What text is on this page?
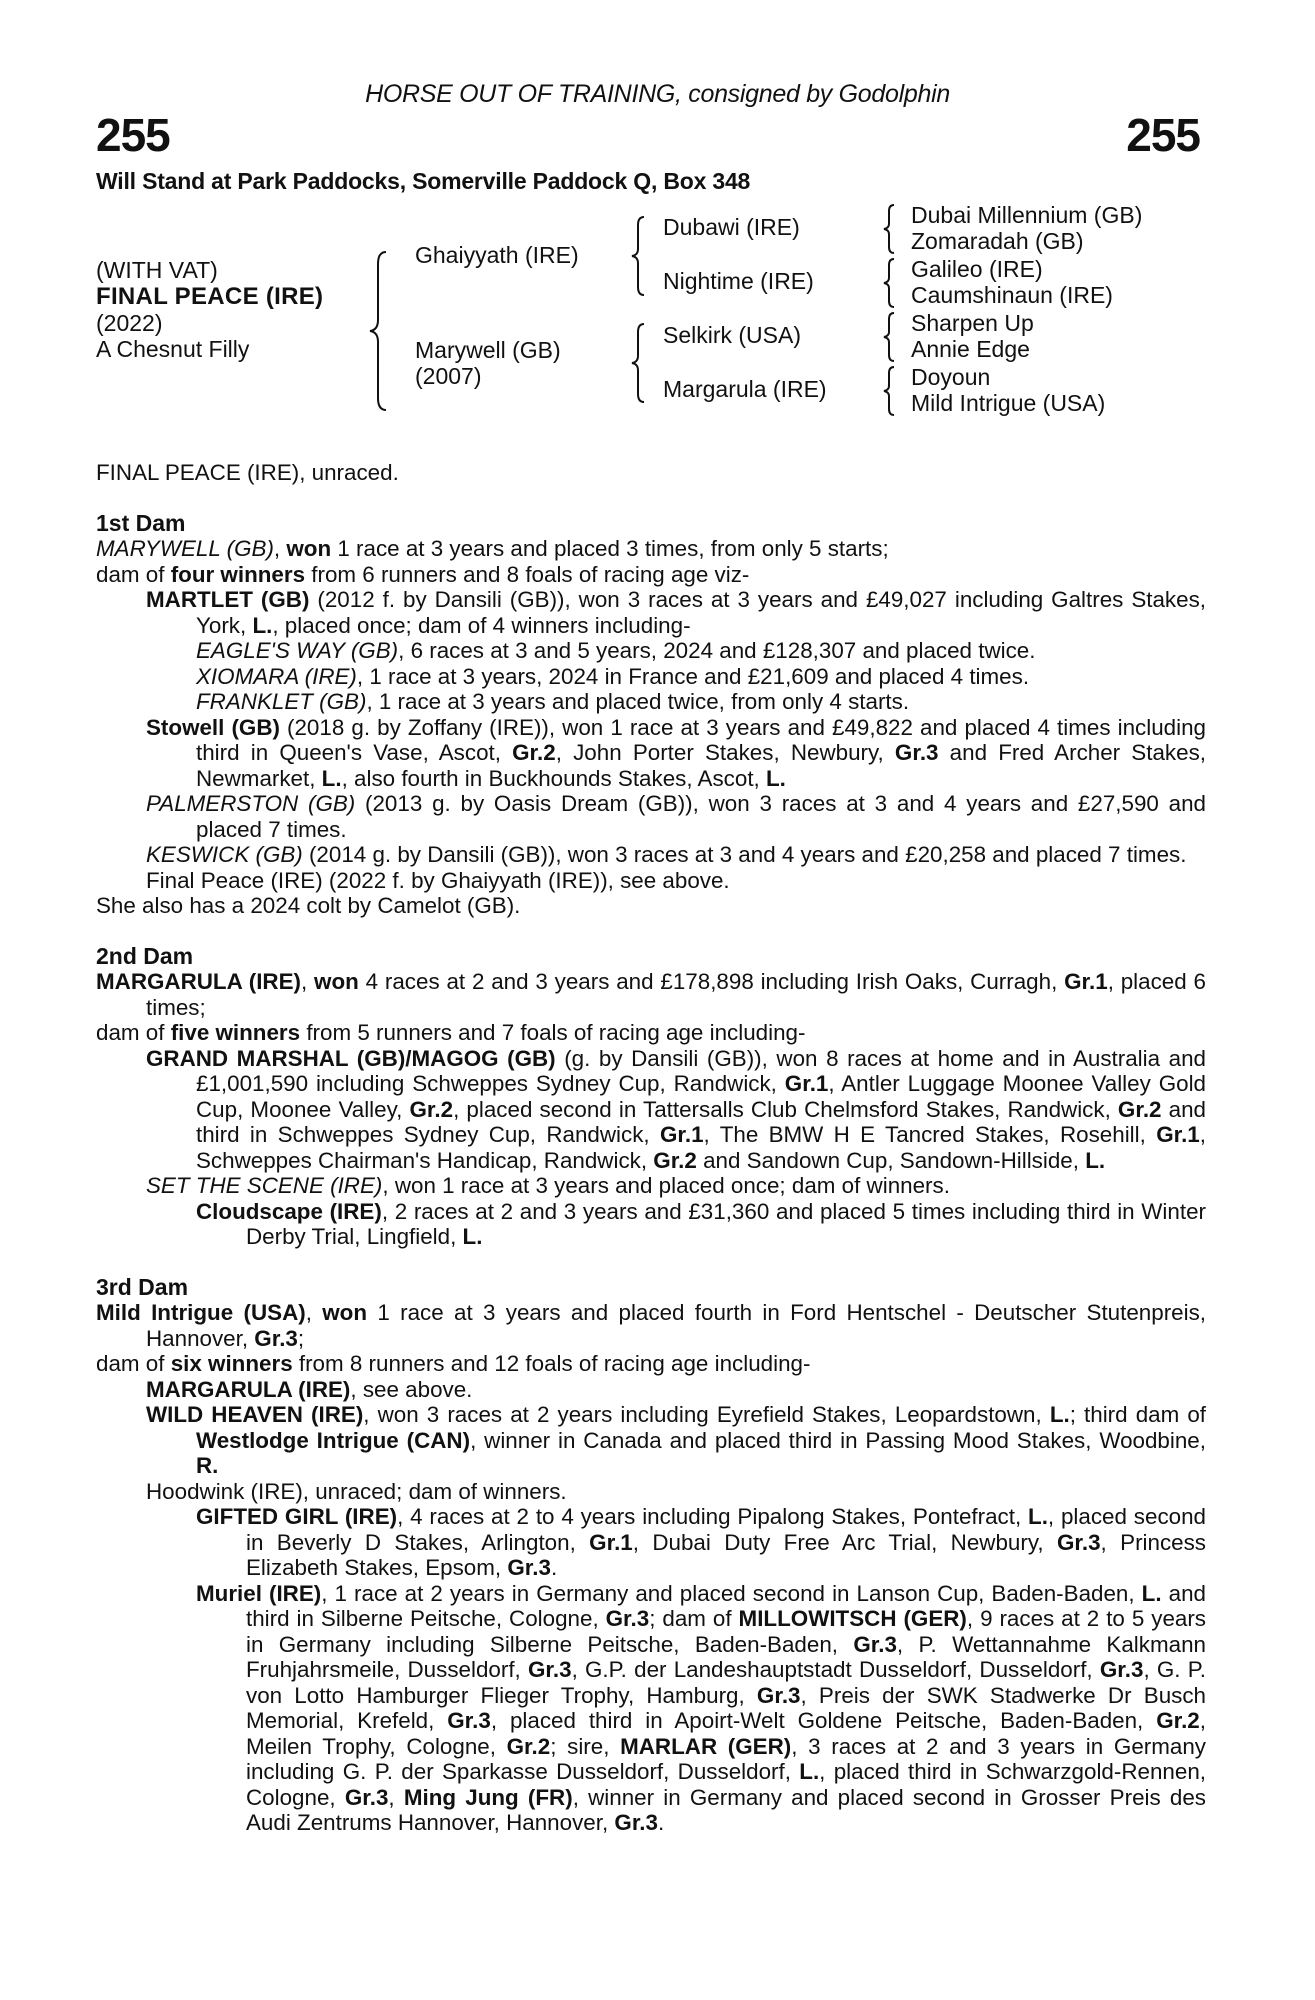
HORSE OUT OF TRAINING, consigned by Godolphin
255	255
Will Stand at Park Paddocks, Somerville Paddock Q, Box 348
(WITH VAT)
FINAL PEACE (IRE)
(2022)
A Chesnut Filly
Ghaiyyath (IRE)
Marywell (GB)
(2007)
Dubawi (IRE)
Nightime (IRE)
Selkirk (USA)
Margarula (IRE)
Dubai Millennium (GB)
Zomaradah (GB)
Galileo (IRE)
Caumshinaun (IRE)
Sharpen Up
Annie Edge
Doyoun
Mild Intrigue (USA)

FINAL PEACE (IRE), unraced.

1st Dam

MARYWELL (GB), won 1 race at 3 years and placed 3 times, from only 5 starts;

dam of four winners from 6 runners and 8 foals of racing age viz-

MARTLET (GB) (2012 f. by Dansili (GB)), won 3 races at 3 years and £49,027 including Galtres Stakes, York, L., placed once; dam of 4 winners including-

EAGLE'S WAY (GB), 6 races at 3 and 5 years, 2024 and £128,307 and placed twice.

XIOMARA (IRE), 1 race at 3 years, 2024 in France and £21,609 and placed 4 times.

FRANKLET (GB), 1 race at 3 years and placed twice, from only 4 starts.

Stowell (GB) (2018 g. by Zoffany (IRE)), won 1 race at 3 years and £49,822 and placed 4 times including third in Queen's Vase, Ascot, Gr.2, John Porter Stakes, Newbury, Gr.3 and Fred Archer Stakes, Newmarket, L., also fourth in Buckhounds Stakes, Ascot, L.

PALMERSTON (GB) (2013 g. by Oasis Dream (GB)), won 3 races at 3 and 4 years and £27,590 and placed 7 times.

KESWICK (GB) (2014 g. by Dansili (GB)), won 3 races at 3 and 4 years and £20,258 and placed 7 times.

Final Peace (IRE) (2022 f. by Ghaiyyath (IRE)), see above.

She also has a 2024 colt by Camelot (GB).

2nd Dam

MARGARULA (IRE), won 4 races at 2 and 3 years and £178,898 including Irish Oaks, Curragh, Gr.1, placed 6 times;

dam of five winners from 5 runners and 7 foals of racing age including-

GRAND MARSHAL (GB)/MAGOG (GB) (g. by Dansili (GB)), won 8 races at home and in Australia and £1,001,590 including Schweppes Sydney Cup, Randwick, Gr.1, Antler Luggage Moonee Valley Gold Cup, Moonee Valley, Gr.2, placed second in Tattersalls Club Chelmsford Stakes, Randwick, Gr.2 and third in Schweppes Sydney Cup, Randwick, Gr.1, The BMW H E Tancred Stakes, Rosehill, Gr.1, Schweppes Chairman's Handicap, Randwick, Gr.2 and Sandown Cup, Sandown-Hillside, L.

SET THE SCENE (IRE), won 1 race at 3 years and placed once; dam of winners.

Cloudscape (IRE), 2 races at 2 and 3 years and £31,360 and placed 5 times including third in Winter Derby Trial, Lingfield, L.

3rd Dam

Mild Intrigue (USA), won 1 race at 3 years and placed fourth in Ford Hentschel - Deutscher Stutenpreis, Hannover, Gr.3;

dam of six winners from 8 runners and 12 foals of racing age including-

MARGARULA (IRE), see above.

WILD HEAVEN (IRE), won 3 races at 2 years including Eyrefield Stakes, Leopardstown, L.; third dam of Westlodge Intrigue (CAN), winner in Canada and placed third in Passing Mood Stakes, Woodbine, R.

Hoodwink (IRE), unraced; dam of winners.

GIFTED GIRL (IRE), 4 races at 2 to 4 years including Pipalong Stakes, Pontefract, L., placed second in Beverly D Stakes, Arlington, Gr.1, Dubai Duty Free Arc Trial, Newbury, Gr.3, Princess Elizabeth Stakes, Epsom, Gr.3.

Muriel (IRE), 1 race at 2 years in Germany and placed second in Lanson Cup, Baden-Baden, L. and third in Silberne Peitsche, Cologne, Gr.3; dam of MILLOWITSCH (GER), 9 races at 2 to 5 years in Germany including Silberne Peitsche, Baden-Baden, Gr.3, P. Wettannahme Kalkmann Fruhjahrsmeile, Dusseldorf, Gr.3, G.P. der Landeshauptstadt Dusseldorf, Dusseldorf, Gr.3, G. P. von Lotto Hamburger Flieger Trophy, Hamburg, Gr.3, Preis der SWK Stadwerke Dr Busch Memorial, Krefeld, Gr.3, placed third in Apoirt-Welt Goldene Peitsche, Baden-Baden, Gr.2, Meilen Trophy, Cologne, Gr.2; sire, MARLAR (GER), 3 races at 2 and 3 years in Germany including G. P. der Sparkasse Dusseldorf, Dusseldorf, L., placed third in Schwarzgold-Rennen, Cologne, Gr.3, Ming Jung (FR), winner in Germany and placed second in Grosser Preis des Audi Zentrums Hannover, Hannover, Gr.3.
